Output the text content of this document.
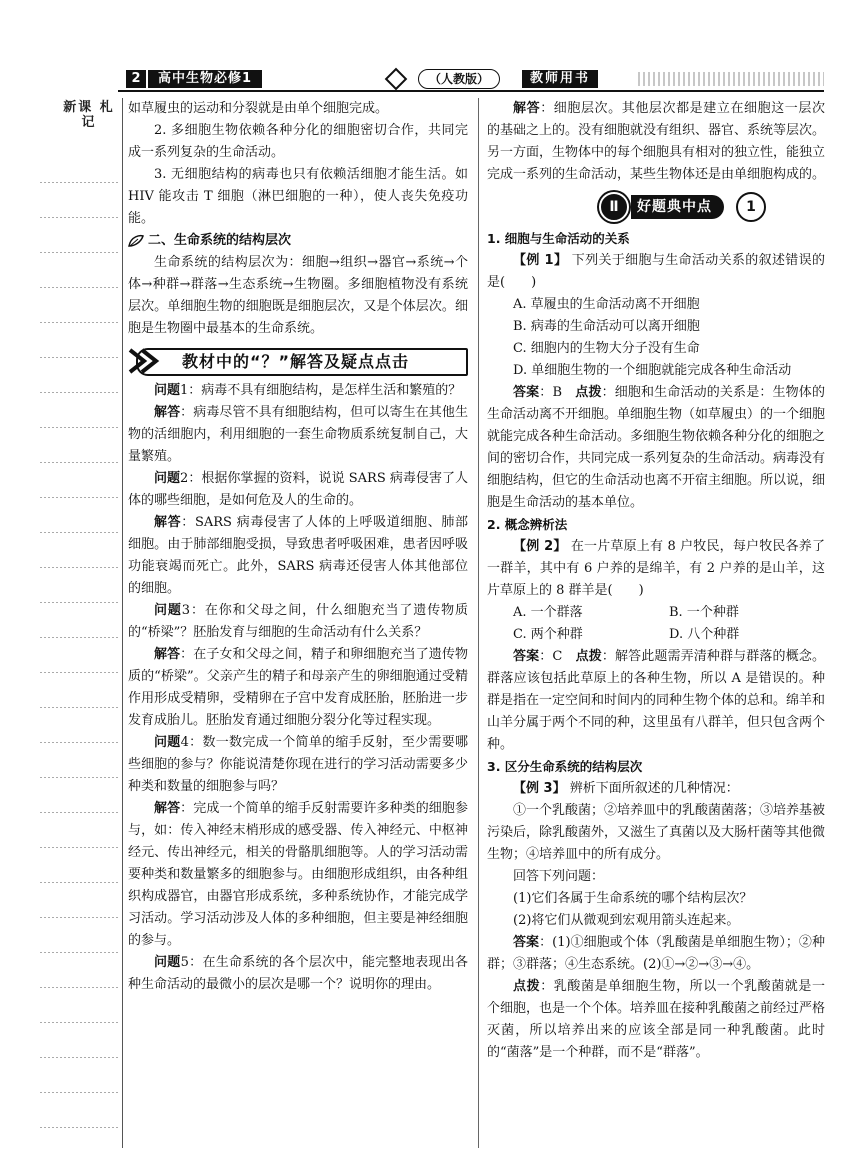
2	高中生物必修1	（人教版）	教师用书
新课 札记

如草履虫的运动和分裂就是由单个细胞完成。

2. 多细胞生物依赖各种分化的细胞密切合作，共同完成一系列复杂的生命活动。

3. 无细胞结构的病毒也只有依赖活细胞才能生活。如 HIV 能攻击 T 细胞（淋巴细胞的一种），使人丧失免疫功能。

二、生命系统的结构层次

生命系统的结构层次为：细胞→组织→器官→系统→个体→种群→群落→生态系统→生物圈。多细胞植物没有系统层次。单细胞生物的细胞既是细胞层次，又是个体层次。细胞是生物圈中最基本的生命系统。

教材中的“？”解答及疑点点击

问题1：病毒不具有细胞结构，是怎样生活和繁殖的？

解答：病毒尽管不具有细胞结构，但可以寄生在其他生物的活细胞内，利用细胞的一套生命物质系统复制自己，大量繁殖。

问题2：根据你掌握的资料，说说 SARS 病毒侵害了人体的哪些细胞，是如何危及人的生命的。

解答：SARS 病毒侵害了人体的上呼吸道细胞、肺部细胞。由于肺部细胞受损，导致患者呼吸困难，患者因呼吸功能衰竭而死亡。此外，SARS 病毒还侵害人体其他部位的细胞。

问题3：在你和父母之间，什么细胞充当了遗传物质的“桥梁”？胚胎发育与细胞的生命活动有什么关系？

解答：在子女和父母之间，精子和卵细胞充当了遗传物质的“桥梁”。父亲产生的精子和母亲产生的卵细胞通过受精作用形成受精卵，受精卵在子宫中发育成胚胎，胚胎进一步发育成胎儿。胚胎发育通过细胞分裂分化等过程实现。

问题4：数一数完成一个简单的缩手反射，至少需要哪些细胞的参与？你能说清楚你现在进行的学习活动需要多少种类和数量的细胞参与吗？

解答：完成一个简单的缩手反射需要许多种类的细胞参与，如：传入神经末梢形成的感受器、传入神经元、中枢神经元、传出神经元，相关的骨骼肌细胞等。人的学习活动需要种类和数量繁多的细胞参与。由细胞形成组织，由各种组织构成器官，由器官形成系统，多种系统协作，才能完成学习活动。学习活动涉及人体的多种细胞，但主要是神经细胞的参与。

问题5：在生命系统的各个层次中，能完整地表现出各种生命活动的最微小的层次是哪一个？说明你的理由。

解答：细胞层次。其他层次都是建立在细胞这一层次的基础之上的。没有细胞就没有组织、器官、系统等层次。另一方面，生物体中的每个细胞具有相对的独立性，能独立完成一系列的生命活动，某些生物体还是由单细胞构成的。

Ⅱ	好题典中点	1

1. 细胞与生命活动的关系

【例 1】 下列关于细胞与生命活动关系的叙述错误的是(　　)

A. 草履虫的生命活动离不开细胞

B. 病毒的生命活动可以离开细胞

C. 细胞内的生物大分子没有生命

D. 单细胞生物的一个细胞就能完成各种生命活动

答案：B　 点拨：细胞和生命活动的关系是：生物体的生命活动离不开细胞。单细胞生物（如草履虫）的一个细胞就能完成各种生命活动。多细胞生物依赖各种分化的细胞之间的密切合作，共同完成一系列复杂的生命活动。病毒没有细胞结构，但它的生命活动也离不开宿主细胞。所以说，细胞是生命活动的基本单位。

2. 概念辨析法

【例 2】 在一片草原上有 8 户牧民，每户牧民各养了一群羊，其中有 6 户养的是绵羊，有 2 户养的是山羊，这片草原上的 8 群羊是(　　)

A. 一个群落	B. 一个种群
C. 两个种群	D. 八个种群

答案：C　 点拨：解答此题需弄清种群与群落的概念。群落应该包括此草原上的各种生物，所以 A 是错误的。种群是指在一定空间和时间内的同种生物个体的总和。绵羊和山羊分属于两个不同的种，这里虽有八群羊，但只包含两个种。

3. 区分生命系统的结构层次

【例 3】 辨析下面所叙述的几种情况：

①一个乳酸菌；②培养皿中的乳酸菌菌落；③培养基被污染后，除乳酸菌外，又滋生了真菌以及大肠杆菌等其他微生物；④培养皿中的所有成分。

回答下列问题：

(1)它们各属于生命系统的哪个结构层次？

(2)将它们从微观到宏观用箭头连起来。

答案：(1)①细胞或个体（乳酸菌是单细胞生物）；②种群；③群落；④生态系统。(2)①→②→③→④。

点拨：乳酸菌是单细胞生物，所以一个乳酸菌就是一个细胞，也是一个个体。培养皿在接种乳酸菌之前经过严格灭菌，所以培养出来的应该全部是同一种乳酸菌。此时的“菌落”是一个种群，而不是“群落”。
